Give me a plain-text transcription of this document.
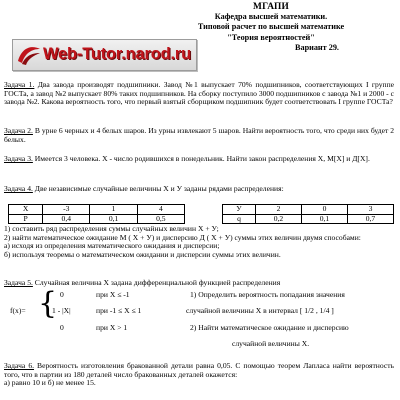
МГАПИ
Кафедра высшей математики.
Типовой расчет по высшей математике
"Теория вероятностей"
Вариант 29.
Web-Tutor.narod.ru
Задача 1. Два завода производят подшипники. Завод №1 выпускает 70% подшипников, соответствующих I группе ГОСТа, а завод №2 выпускает 80% таких подшипников. На сборку поступило 3000 подшипников с завода №1 и 2000 - с завода №2. Какова вероятность того, что первый взятый сборщиком подшипник будет соответствовать I группе ГОСТа?
Задача 2. В урне 6 черных и 4 белых шаров. Из урны извлекают 5 шаров. Найти вероятность того, что среди них будет 2 белых.
Задача 3. Имеется 3 человека. X - число родившихся в понедельник. Найти закон распределения X, M[X] и Д[X].
Задача 4. Две независимые случайные величины X и У заданы рядами распределения:
X	-3	1	4
P	0,4	0,1	0,5
У	2	0	3
q	0,2	0,1	0,7
1) составить ряд распределения суммы случайных величин X + У;
2) найти математическое ожидание M ( X + У) и дисперсию Д ( X + У) суммы этих величин двумя способами:
а) исходя из определения математического ожидания и дисперсии;
б) используя теоремы о математическом ожидании и дисперсии суммы этих величин.
Задача 5. Случайная величина X задана дифференциальной функцией распределения
f(x)= { 0	при X ≤ -1
1 - |X|	при -1 ≤ X ≤ 1
0	при X > 1
1) Определить вероятность попадания значения
случайной величины X в интервал [ 1/2 , 1/4 ]
2) Найти математическое ожидание и дисперсию
случайной величины X.
Задача 6. Вероятность изготовления бракованной детали равна 0,05. С помощью теорем Лапласа найти вероятность того, что в партии из 180 деталей число бракованных деталей окажется:
а) равно 10 и б) не менее 15.
